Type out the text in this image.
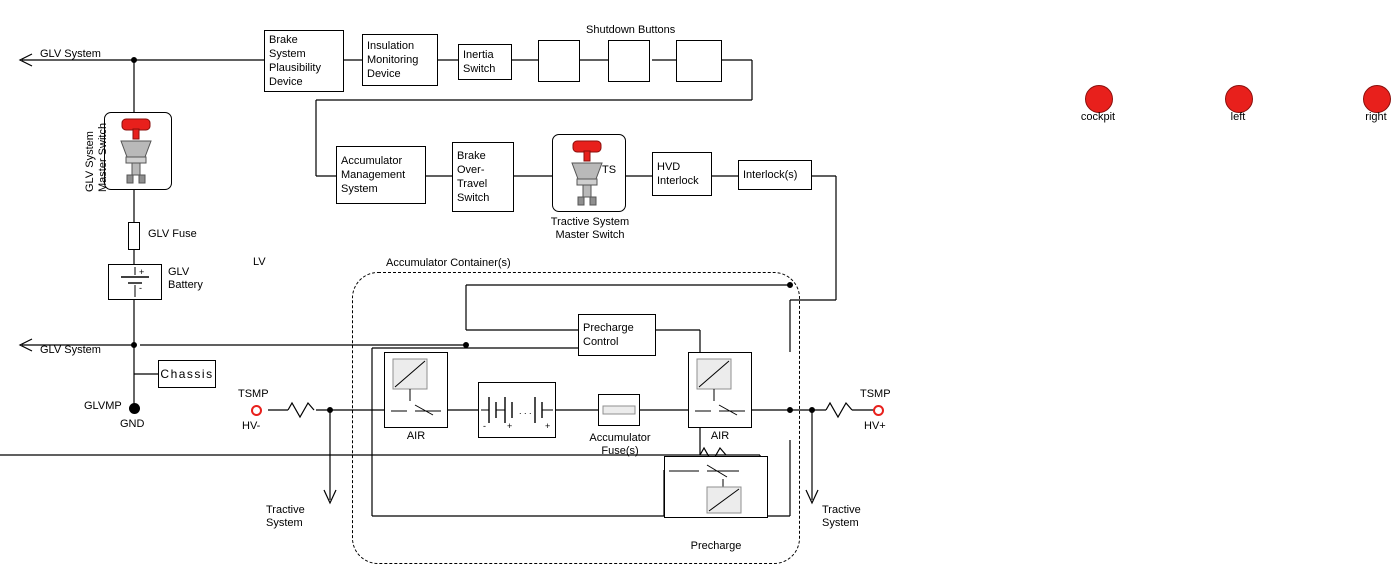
Accumulator Container(s)
Brake
System
Plausibility
Device
Insulation
Monitoring
Device
Inertia
Switch
Shutdown Buttons
cockpit	left	right
GLV System
GLV System
LV
GLV System
Master Switch
GLV Fuse
+
-
GLV
Battery
Chassis
GLVMP
GND
Accumulator
Management
System
Brake
Over-
Travel
Switch
TS
Tractive System
Master Switch
HVD
Interlock	Interlock(s)
Precharge
Control
TSMP
HV-
TSMP
HV+
AIR
. . .
- +	+
Accumulator
Fuse(s)
AIR
Precharge
Tractive
System
Tractive
System
